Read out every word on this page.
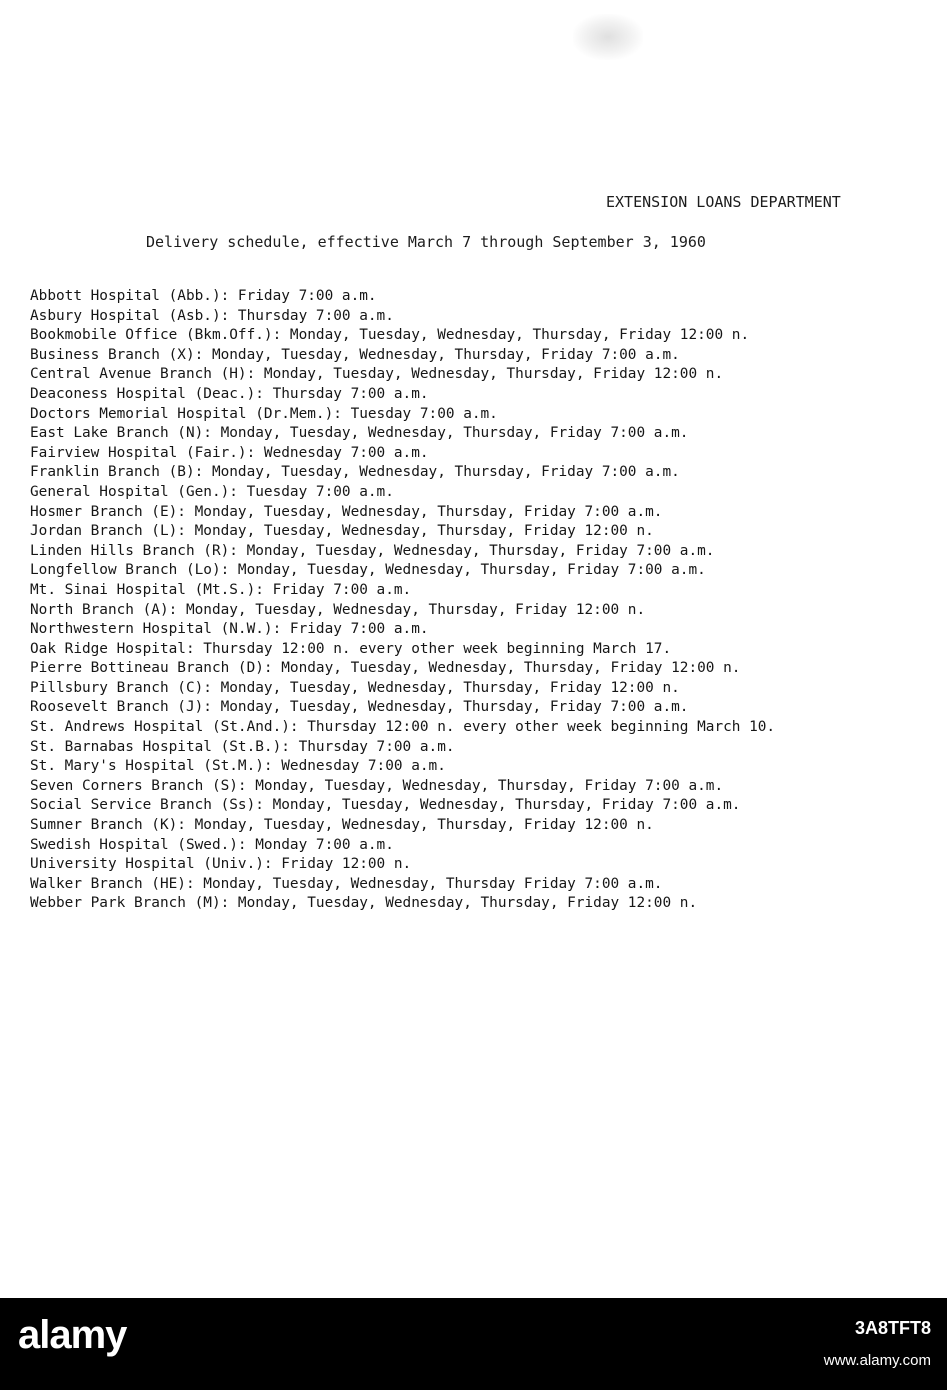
EXTENSION LOANS DEPARTMENT
Delivery schedule, effective March 7 through September 3, 1960
Abbott Hospital (Abb.): Friday 7:00 a.m.
Asbury Hospital (Asb.): Thursday 7:00 a.m.
Bookmobile Office (Bkm.Off.): Monday, Tuesday, Wednesday, Thursday, Friday 12:00 n.
Business Branch (X): Monday, Tuesday, Wednesday, Thursday, Friday 7:00 a.m.
Central Avenue Branch (H): Monday, Tuesday, Wednesday, Thursday, Friday 12:00 n.
Deaconess Hospital (Deac.): Thursday 7:00 a.m.
Doctors Memorial Hospital (Dr.Mem.): Tuesday 7:00 a.m.
East Lake Branch (N): Monday, Tuesday, Wednesday, Thursday, Friday 7:00 a.m.
Fairview Hospital (Fair.): Wednesday 7:00 a.m.
Franklin Branch (B): Monday, Tuesday, Wednesday, Thursday, Friday 7:00 a.m.
General Hospital (Gen.): Tuesday 7:00 a.m.
Hosmer Branch (E): Monday, Tuesday, Wednesday, Thursday, Friday 7:00 a.m.
Jordan Branch (L): Monday, Tuesday, Wednesday, Thursday, Friday 12:00 n.
Linden Hills Branch (R): Monday, Tuesday, Wednesday, Thursday, Friday 7:00 a.m.
Longfellow Branch (Lo): Monday, Tuesday, Wednesday, Thursday, Friday 7:00 a.m.
Mt. Sinai Hospital (Mt.S.): Friday 7:00 a.m.
North Branch (A): Monday, Tuesday, Wednesday, Thursday, Friday 12:00 n.
Northwestern Hospital (N.W.): Friday 7:00 a.m.
Oak Ridge Hospital: Thursday 12:00 n. every other week beginning March 17.
Pierre Bottineau Branch (D): Monday, Tuesday, Wednesday, Thursday, Friday 12:00 n.
Pillsbury Branch (C): Monday, Tuesday, Wednesday, Thursday, Friday 12:00 n.
Roosevelt Branch (J): Monday, Tuesday, Wednesday, Thursday, Friday 7:00 a.m.
St. Andrews Hospital (St.And.): Thursday 12:00 n. every other week beginning March 10.
St. Barnabas Hospital (St.B.): Thursday 7:00 a.m.
St. Mary's Hospital (St.M.): Wednesday 7:00 a.m.
Seven Corners Branch (S): Monday, Tuesday, Wednesday, Thursday, Friday 7:00 a.m.
Social Service Branch (Ss): Monday, Tuesday, Wednesday, Thursday, Friday 7:00 a.m.
Sumner Branch (K): Monday, Tuesday, Wednesday, Thursday, Friday 12:00 n.
Swedish Hospital (Swed.): Monday 7:00 a.m.
University Hospital (Univ.): Friday 12:00 n.
Walker Branch (HE): Monday, Tuesday, Wednesday, Thursday Friday 7:00 a.m.
Webber Park Branch (M): Monday, Tuesday, Wednesday, Thursday, Friday 12:00 n.
alamy	3A8TFT8
www.alamy.com
